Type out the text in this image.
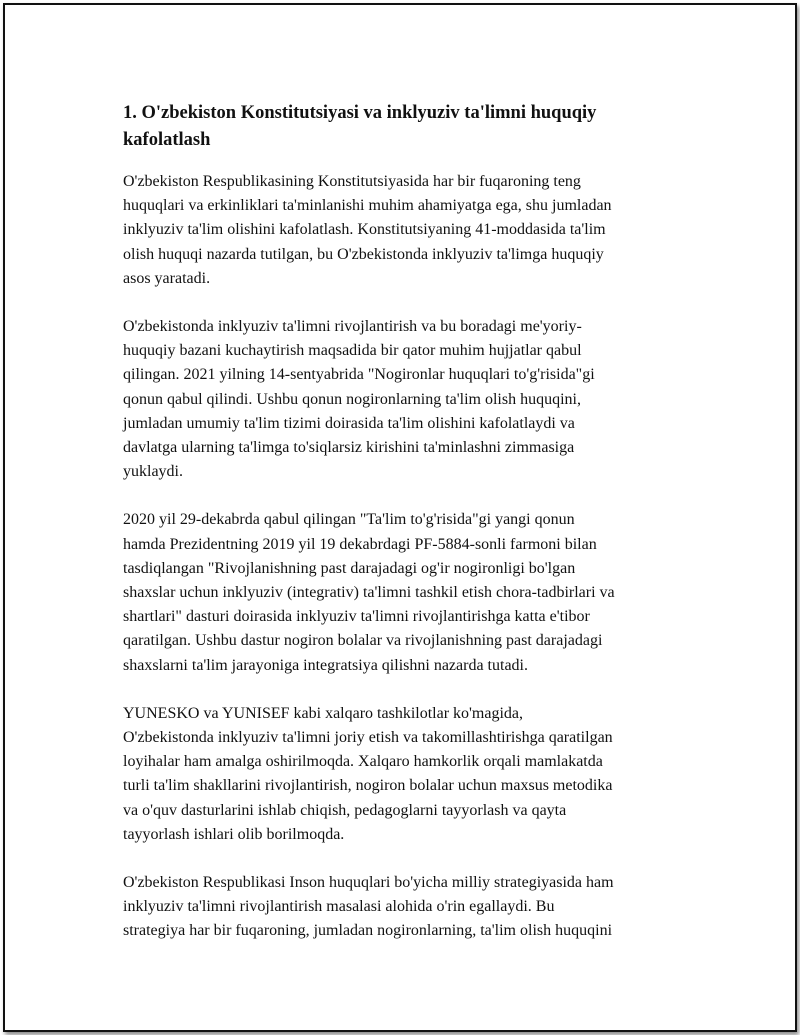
1. O'zbekiston Konstitutsiyasi va inklyuziv ta'limni huquqiy
kafolatlash

O'zbekiston Respublikasining Konstitutsiyasida har bir fuqaroning teng
huquqlari va erkinliklari ta'minlanishi muhim ahamiyatga ega, shu jumladan
inklyuziv ta'lim olishini kafolatlash. Konstitutsiyaning 41-moddasida ta'lim
olish huquqi nazarda tutilgan, bu O'zbekistonda inklyuziv ta'limga huquqiy
asos yaratadi.

O'zbekistonda inklyuziv ta'limni rivojlantirish va bu boradagi me'yoriy-
huquqiy bazani kuchaytirish maqsadida bir qator muhim hujjatlar qabul
qilingan. 2021 yilning 14-sentyabrida "Nogironlar huquqlari to'g'risida"gi
qonun qabul qilindi. Ushbu qonun nogironlarning ta'lim olish huquqini,
jumladan umumiy ta'lim tizimi doirasida ta'lim olishini kafolatlaydi va
davlatga ularning ta'limga to'siqlarsiz kirishini ta'minlashni zimmasiga
yuklaydi.

2020 yil 29-dekabrda qabul qilingan "Ta'lim to'g'risida"gi yangi qonun
hamda Prezidentning 2019 yil 19 dekabrdagi PF-5884-sonli farmoni bilan
tasdiqlangan "Rivojlanishning past darajadagi og'ir nogironligi bo'lgan
shaxslar uchun inklyuziv (integrativ) ta'limni tashkil etish chora-tadbirlari va
shartlari" dasturi doirasida inklyuziv ta'limni rivojlantirishga katta e'tibor
qaratilgan. Ushbu dastur nogiron bolalar va rivojlanishning past darajadagi
shaxslarni ta'lim jarayoniga integratsiya qilishni nazarda tutadi.

YUNESKO va YUNISEF kabi xalqaro tashkilotlar ko'magida,
O'zbekistonda inklyuziv ta'limni joriy etish va takomillashtirishga qaratilgan
loyihalar ham amalga oshirilmoqda. Xalqaro hamkorlik orqali mamlakatda
turli ta'lim shakllarini rivojlantirish, nogiron bolalar uchun maxsus metodika
va o'quv dasturlarini ishlab chiqish, pedagoglarni tayyorlash va qayta
tayyorlash ishlari olib borilmoqda.

O'zbekiston Respublikasi Inson huquqlari bo'yicha milliy strategiyasida ham
inklyuziv ta'limni rivojlantirish masalasi alohida o'rin egallaydi. Bu
strategiya har bir fuqaroning, jumladan nogironlarning, ta'lim olish huquqini
